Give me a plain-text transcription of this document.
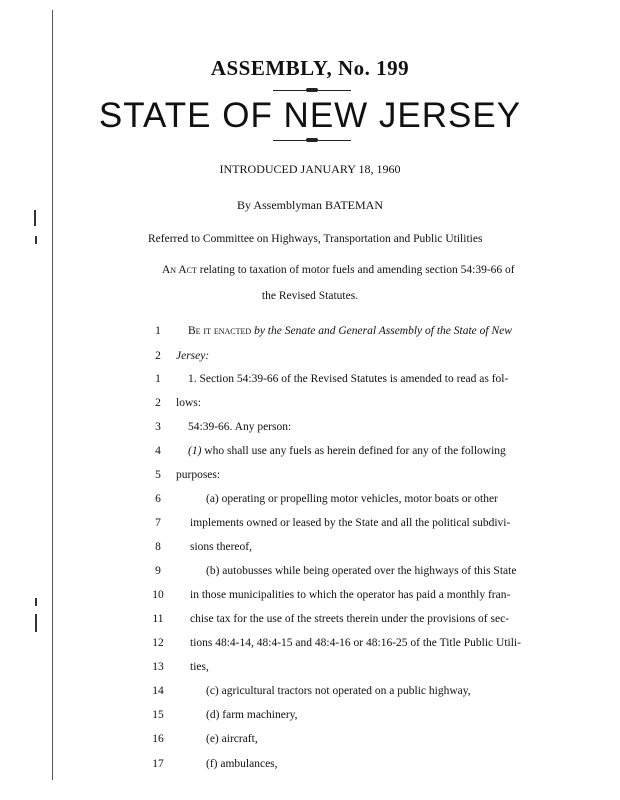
ASSEMBLY, No. 199
STATE OF NEW JERSEY
INTRODUCED JANUARY 18, 1960
By Assemblyman BATEMAN
Referred to Committee on Highways, Transportation and Public Utilities
An Act relating to taxation of motor fuels and amending section 54:39-66 of
the Revised Statutes.
1	Be it enacted by the Senate and General Assembly of the State of New
2	Jersey:
1	1. Section 54:39-66 of the Revised Statutes is amended to read as fol-
2	lows:
3	54:39-66. Any person:
4	(1) who shall use any fuels as herein defined for any of the following
5	purposes:
6	(a) operating or propelling motor vehicles, motor boats or other
7	implements owned or leased by the State and all the political subdivi-
8	sions thereof,
9	(b) autobusses while being operated over the highways of this State
10	in those municipalities to which the operator has paid a monthly fran-
11	chise tax for the use of the streets therein under the provisions of sec-
12	tions 48:4-14, 48:4-15 and 48:4-16 or 48:16-25 of the Title Public Utili-
13	ties,
14	(c) agricultural tractors not operated on a public highway,
15	(d) farm machinery,
16	(e) aircraft,
17	(f) ambulances,
